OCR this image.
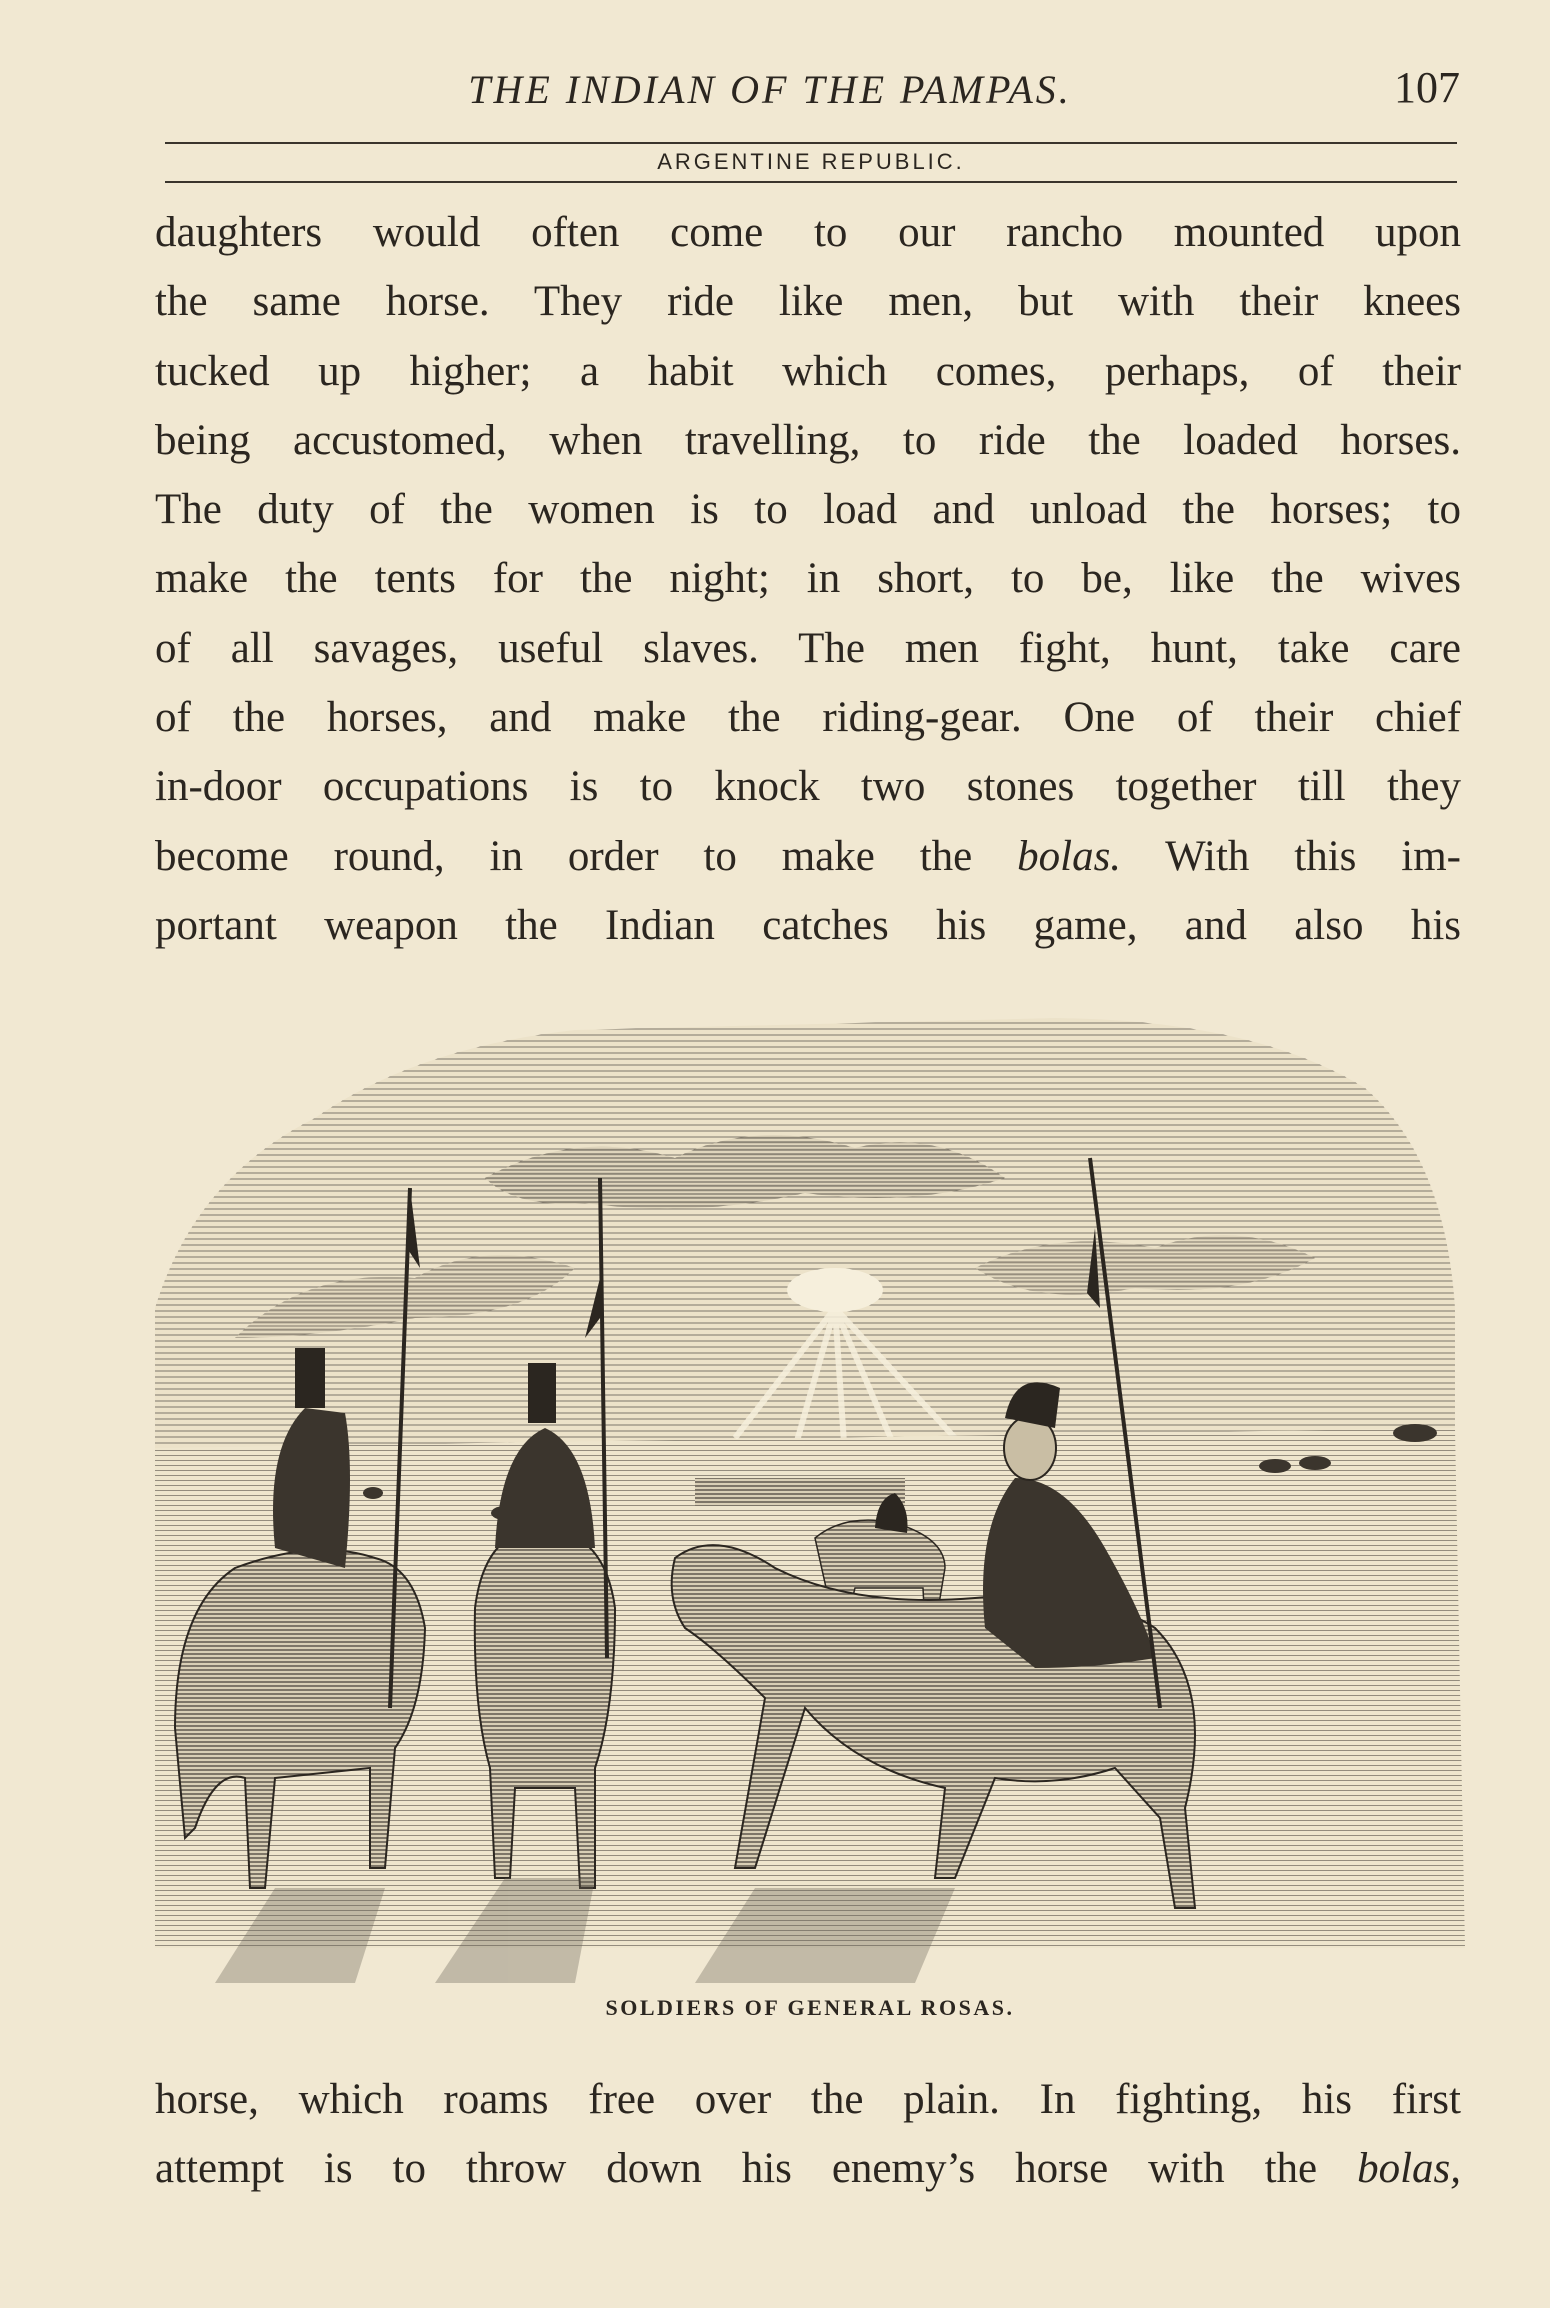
THE INDIAN OF THE PAMPAS.	107
ARGENTINE REPUBLIC.
daughters would often come to our rancho mounted upon
the same horse. They ride like men, but with their knees
tucked up higher; a habit which comes, perhaps, of their
being accustomed, when travelling, to ride the loaded horses.
The duty of the women is to load and unload the horses; to
make the tents for the night; in short, to be, like the wives
of all savages, useful slaves. The men fight, hunt, take care
of the horses, and make the riding-gear. One of their chief
in-door occupations is to knock two stones together till they
become round, in order to make the bolas. With this im-
portant weapon the Indian catches his game, and also his
SOLDIERS OF GENERAL ROSAS.
horse, which roams free over the plain. In fighting, his first
attempt is to throw down his enemy’s horse with the bolas,
